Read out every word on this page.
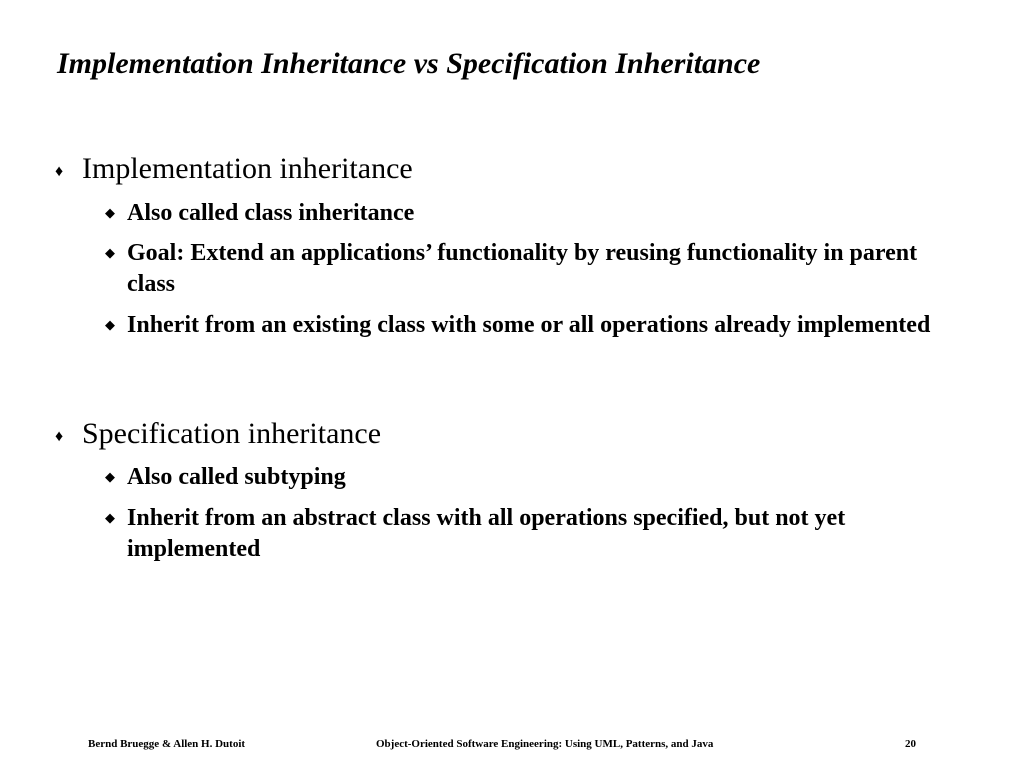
Implementation Inheritance vs Specification Inheritance
♦ Implementation inheritance
◆ Also called class inheritance
◆ Goal: Extend an applications’ functionality by reusing functionality in parent class
◆ Inherit from an existing class with some or all operations already implemented
♦ Specification inheritance
◆ Also called subtyping
◆ Inherit from an abstract class with all operations specified, but not yet implemented
Bernd Bruegge & Allen H. Dutoit	Object-Oriented Software Engineering: Using UML, Patterns, and Java	20
